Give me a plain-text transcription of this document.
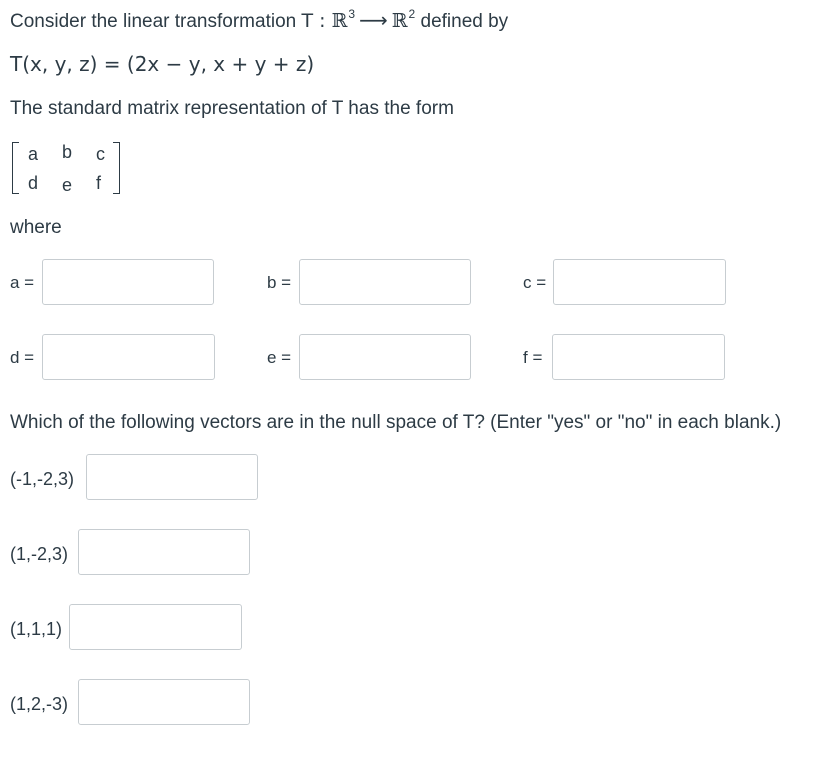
Consider the linear transformation T : ℝ$^3$ ⟶ ℝ$^2$ defined by
T(x, y, z) = (2x − y, x + y + z)
The standard matrix representation of T has the form
a b c
d e f
where
a =	b =	c =
d =	e =	f =
Which of the following vectors are in the null space of T? (Enter "yes" or "no" in each blank.)
(-1,-2,3)
(1,-2,3)
(1,1,1)
(1,2,-3)
